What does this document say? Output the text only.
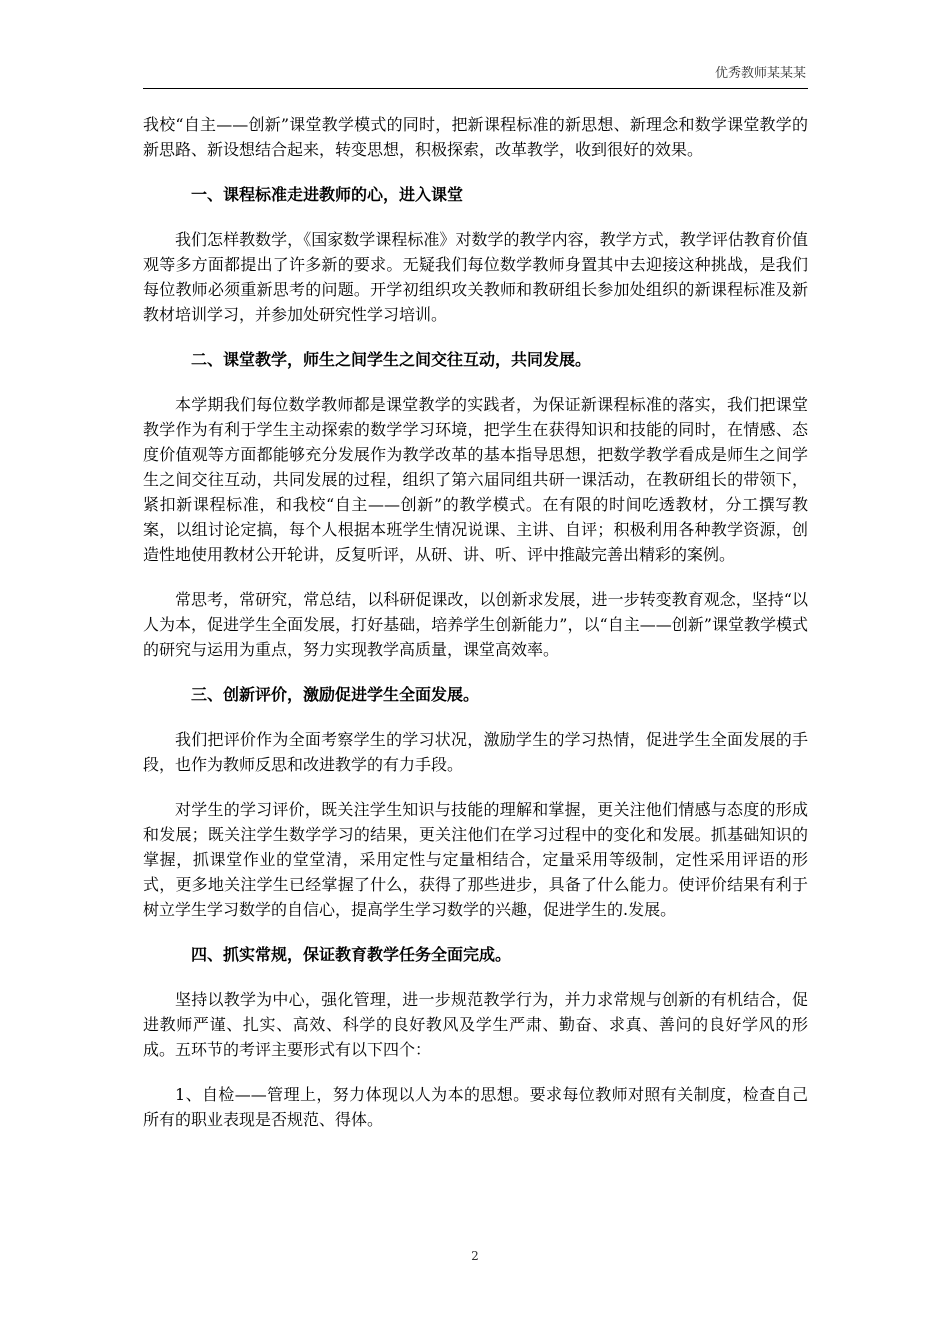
优秀教师某某某

我校“自主——创新”课堂教学模式的同时，把新课程标准的新思想、新理念和数学课堂教学的新思路、新设想结合起来，转变思想，积极探索，改革教学，收到很好的效果。

一、课程标准走进教师的心，进入课堂

我们怎样教数学，《国家数学课程标准》对数学的教学内容，教学方式，教学评估教育价值观等多方面都提出了许多新的要求。无疑我们每位数学教师身置其中去迎接这种挑战，是我们每位教师必须重新思考的问题。开学初组织攻关教师和教研组长参加处组织的新课程标准及新教材培训学习，并参加处研究性学习培训。

二、课堂教学，师生之间学生之间交往互动，共同发展。

本学期我们每位数学教师都是课堂教学的实践者，为保证新课程标准的落实，我们把课堂教学作为有利于学生主动探索的数学学习环境，把学生在获得知识和技能的同时，在情感、态度价值观等方面都能够充分发展作为教学改革的基本指导思想，把数学教学看成是师生之间学生之间交往互动，共同发展的过程，组织了第六届同组共研一课活动，在教研组长的带领下，紧扣新课程标准，和我校“自主——创新”的教学模式。在有限的时间吃透教材，分工撰写教案，以组讨论定搞，每个人根据本班学生情况说课、主讲、自评；积极利用各种教学资源，创造性地使用教材公开轮讲，反复听评，从研、讲、听、评中推敲完善出精彩的案例。

常思考，常研究，常总结，以科研促课改，以创新求发展，进一步转变教育观念，坚持“以人为本，促进学生全面发展，打好基础，培养学生创新能力”，以“自主——创新”课堂教学模式的研究与运用为重点，努力实现教学高质量，课堂高效率。

三、创新评价，激励促进学生全面发展。

我们把评价作为全面考察学生的学习状况，激励学生的学习热情，促进学生全面发展的手段，也作为教师反思和改进教学的有力手段。

对学生的学习评价，既关注学生知识与技能的理解和掌握，更关注他们情感与态度的形成和发展；既关注学生数学学习的结果，更关注他们在学习过程中的变化和发展。抓基础知识的掌握，抓课堂作业的堂堂清，采用定性与定量相结合，定量采用等级制，定性采用评语的形式，更多地关注学生已经掌握了什么，获得了那些进步，具备了什么能力。使评价结果有利于树立学生学习数学的自信心，提高学生学习数学的兴趣，促进学生的.发展。

四、抓实常规，保证教育教学任务全面完成。

坚持以教学为中心，强化管理，进一步规范教学行为，并力求常规与创新的有机结合，促进教师严谨、扎实、高效、科学的良好教风及学生严肃、勤奋、求真、善问的良好学风的形成。五环节的考评主要形式有以下四个：

1、自检——管理上，努力体现以人为本的思想。要求每位教师对照有关制度，检查自己所有的职业表现是否规范、得体。

2
